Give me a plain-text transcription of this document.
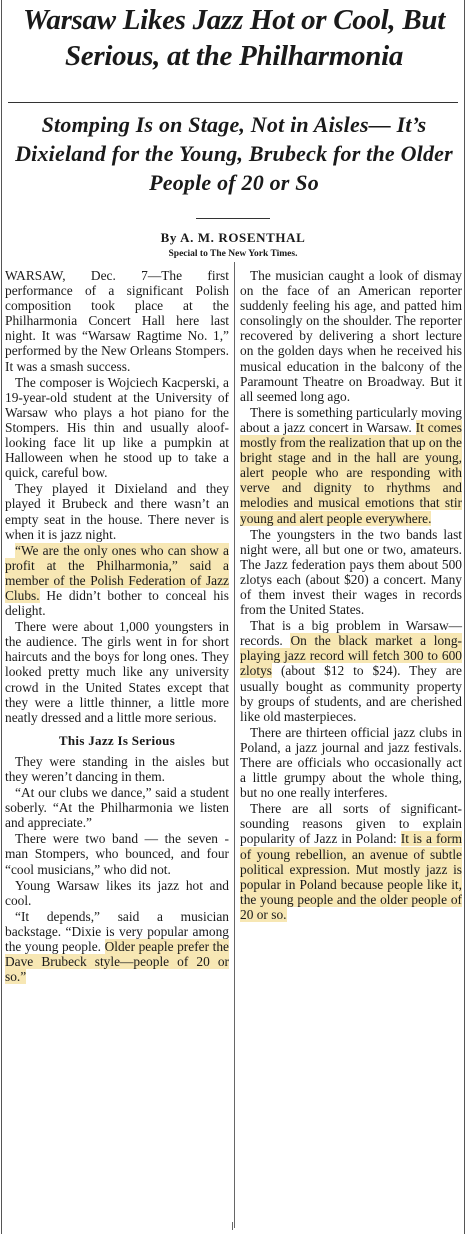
Warsaw Likes Jazz Hot or Cool, But Serious, at the Philharmonia
Stomping Is on Stage, Not in Aisles— It’s Dixieland for the Young, Brubeck for the Older People of 20 or So
By A. M. ROSENTHAL
Special to The New York Times.

WARSAW, Dec. 7—The first performance of a significant Polish composition took place at the Philharmonia Concert Hall here last night. It was “Warsaw Ragtime No. 1,” performed by the New Orleans Stompers. It was a smash success.

The composer is Wojciech Kacperski, a 19-year-old student at the University of Warsaw who plays a hot piano for the Stompers. His thin and usually aloof-looking face lit up like a pumpkin at Halloween when he stood up to take a quick, careful bow.

They played it Dixieland and they played it Brubeck and there wasn’t an empty seat in the house. There never is when it is jazz night.

“We are the only ones who can show a profit at the Philharmonia,” said a member of the Polish Federation of Jazz Clubs. He didn’t bother to conceal his delight.

There were about 1,000 youngsters in the audience. The girls went in for short haircuts and the boys for long ones. They looked pretty much like any university crowd in the United States except that they were a little thinner, a little more neatly dressed and a little more serious.

This Jazz Is Serious

They were standing in the aisles but they weren’t dancing in them.

“At our clubs we dance,” said a student soberly. “At the Philharmonia we listen and appreciate.”

There were two band — the seven - man Stompers, who bounced, and four “cool musicians,” who did not.

Young Warsaw likes its jazz hot and cool.

“It depends,” said a musician backstage. “Dixie is very popular among the young people. Older peaple prefer the Dave Brubeck style—people of 20 or so.”

The musician caught a look of dismay on the face of an American reporter suddenly feeling his age, and patted him consolingly on the shoulder. The reporter recovered by delivering a short lecture on the golden days when he received his musical education in the balcony of the Paramount Theatre on Broadway. But it all seemed long ago.

There is something particularly moving about a jazz concert in Warsaw. It comes mostly from the realization that up on the bright stage and in the hall are young, alert people who are responding with verve and dignity to rhythms and melodies and musical emotions that stir young and alert people everywhere.

The youngsters in the two bands last night were, all but one or two, amateurs. The Jazz federation pays them about 500 zlotys each (about $20) a concert. Many of them invest their wages in records from the United States.

That is a big problem in Warsaw—records. On the black market a long-playing jazz record will fetch 300 to 600 zlotys (about $12 to $24). They are usually bought as community property by groups of students, and are cherished like old masterpieces.

There are thirteen official jazz clubs in Poland, a jazz journal and jazz festivals. There are officials who occasionally act a little grumpy about the whole thing, but no one really interferes.

There are all sorts of significant-sounding reasons given to explain popularity of Jazz in Poland: It is a form of young rebellion, an avenue of subtle political expression. Mut mostly jazz is popular in Poland because people like it, the young people and the older people of 20 or so.
